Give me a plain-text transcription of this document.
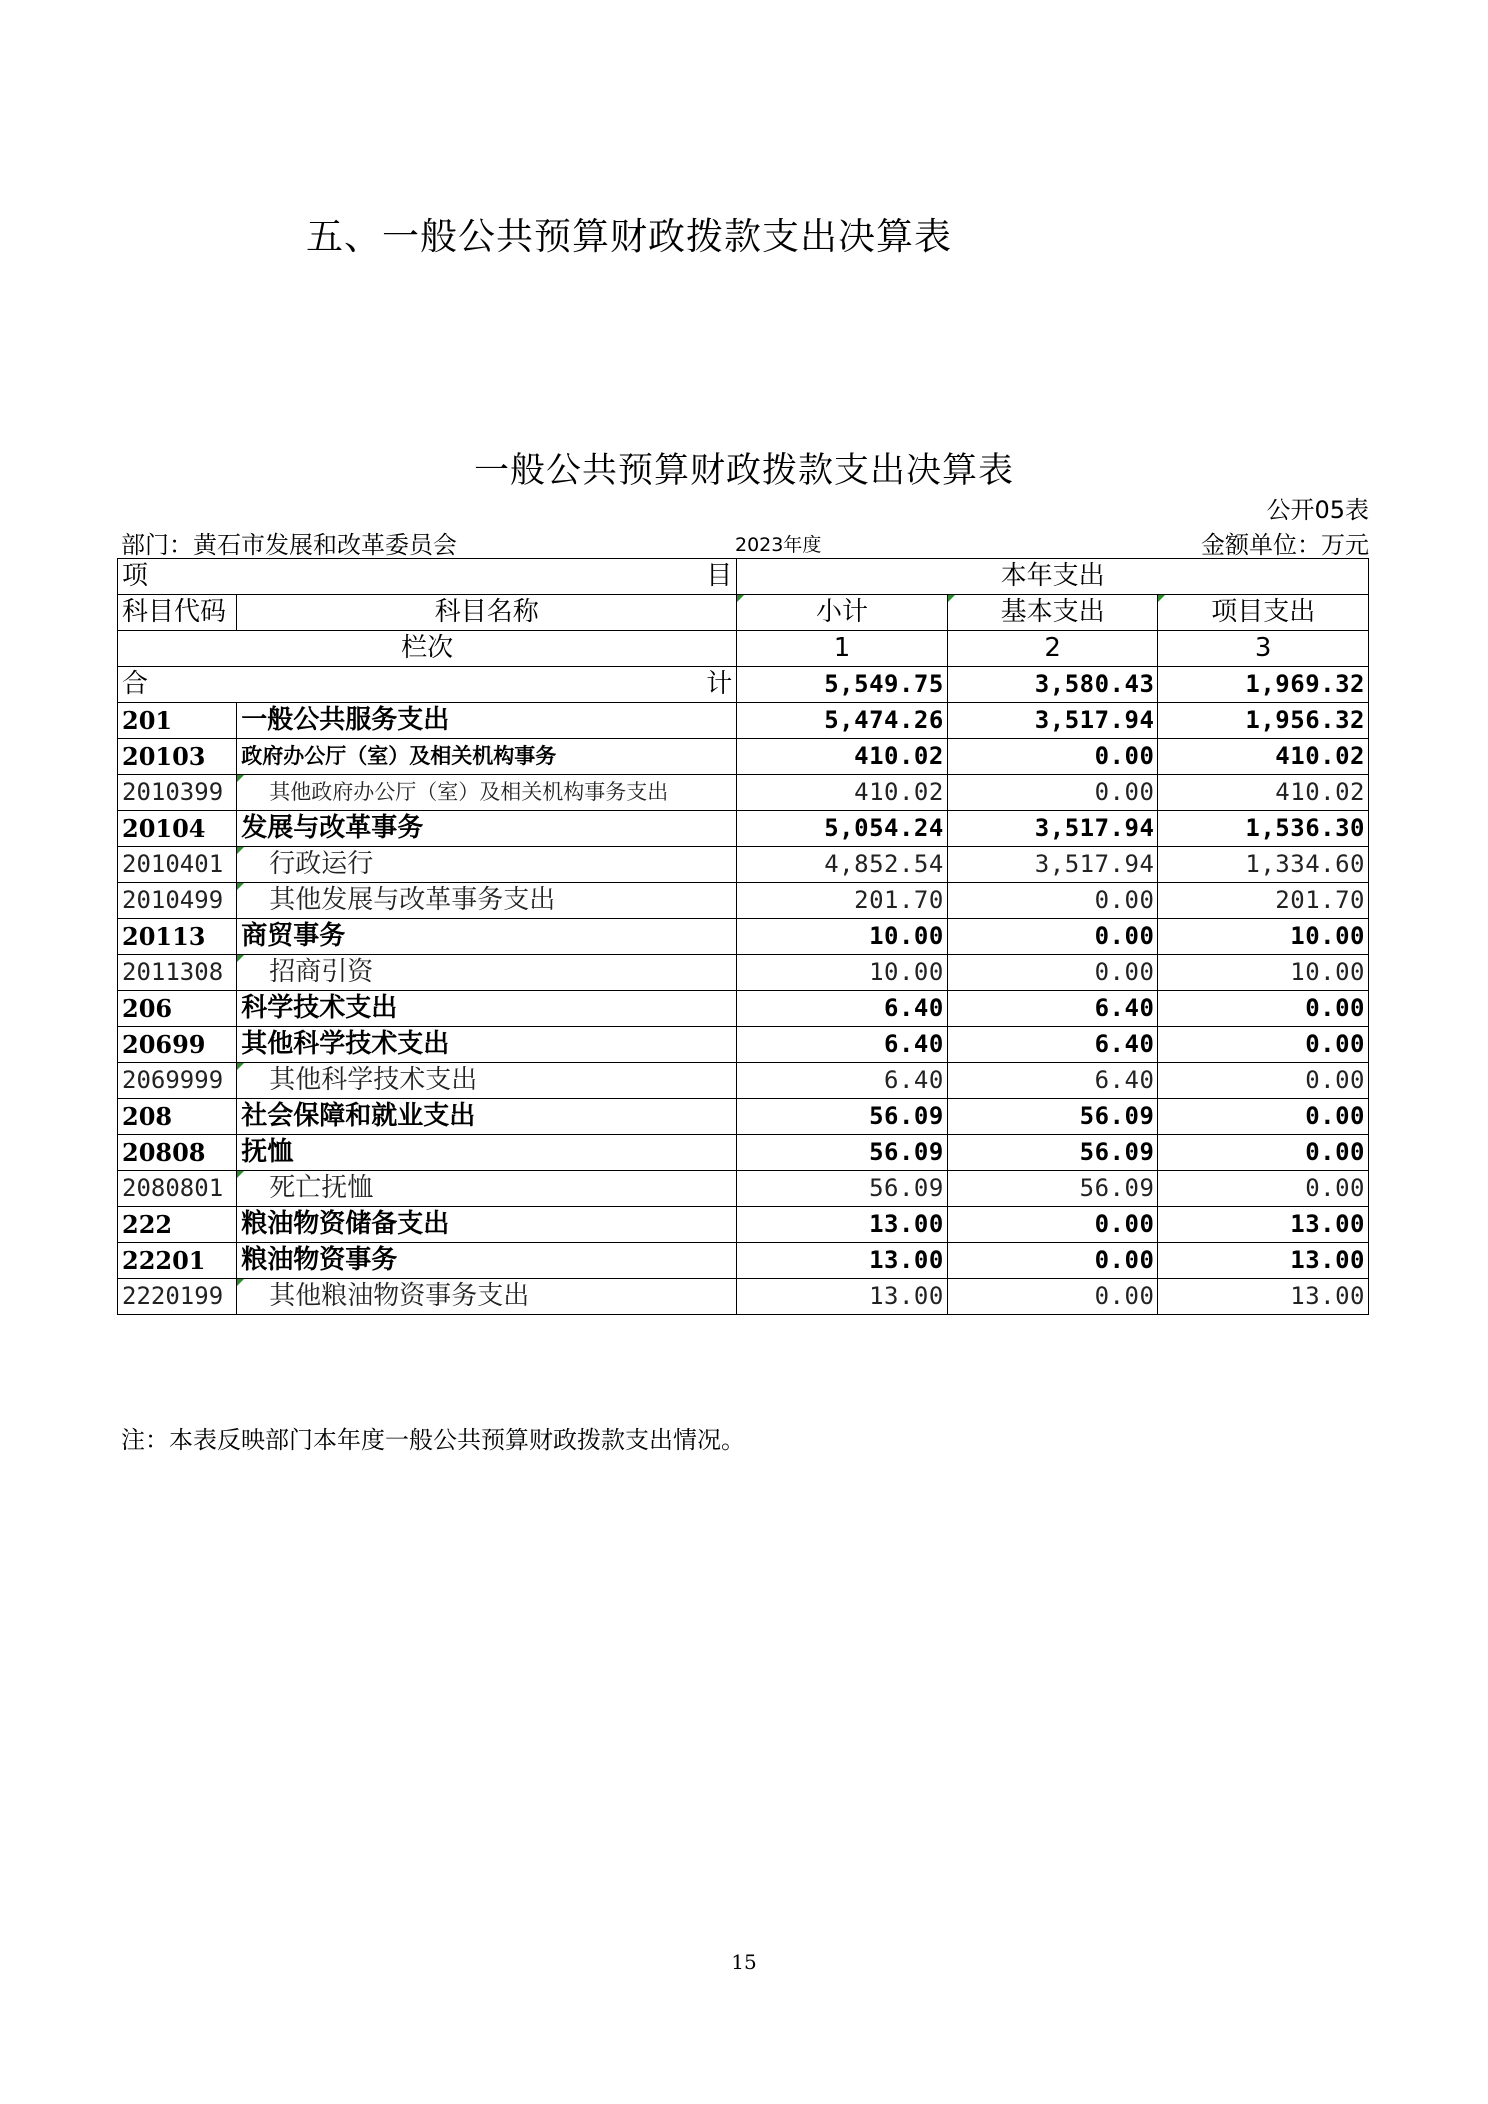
五、一般公共预算财政拨款支出决算表
一般公共预算财政拨款支出决算表
公开05表
部门：黄石市发展和改革委员会	2023年度	金额单位：万元
项 目		本年支出		
科目代码	科目名称	小计	基本支出	项目支出
栏次		1	2	3

合 计		5,549.75	3,580.43	1,969.32
201	一般公共服务支出	5,474.26	3,517.94	1,956.32
20103	政府办公厅（室）及相关机构事务	410.02	0.00	410.02
2010399	其他政府办公厅（室）及相关机构事务支出	410.02	0.00	410.02
20104	发展与改革事务	5,054.24	3,517.94	1,536.30
2010401	行政运行	4,852.54	3,517.94	1,334.60
2010499	其他发展与改革事务支出	201.70	0.00	201.70
20113	商贸事务	10.00	0.00	10.00
2011308	招商引资	10.00	0.00	10.00
206	科学技术支出	6.40	6.40	0.00
20699	其他科学技术支出	6.40	6.40	0.00
2069999	其他科学技术支出	6.40	6.40	0.00
208	社会保障和就业支出	56.09	56.09	0.00
20808	抚恤	56.09	56.09	0.00
2080801	死亡抚恤	56.09	56.09	0.00
222	粮油物资储备支出	13.00	0.00	13.00
22201	粮油物资事务	13.00	0.00	13.00
2220199	其他粮油物资事务支出	13.00	0.00	13.00
注：本表反映部门本年度一般公共预算财政拨款支出情况。
15
